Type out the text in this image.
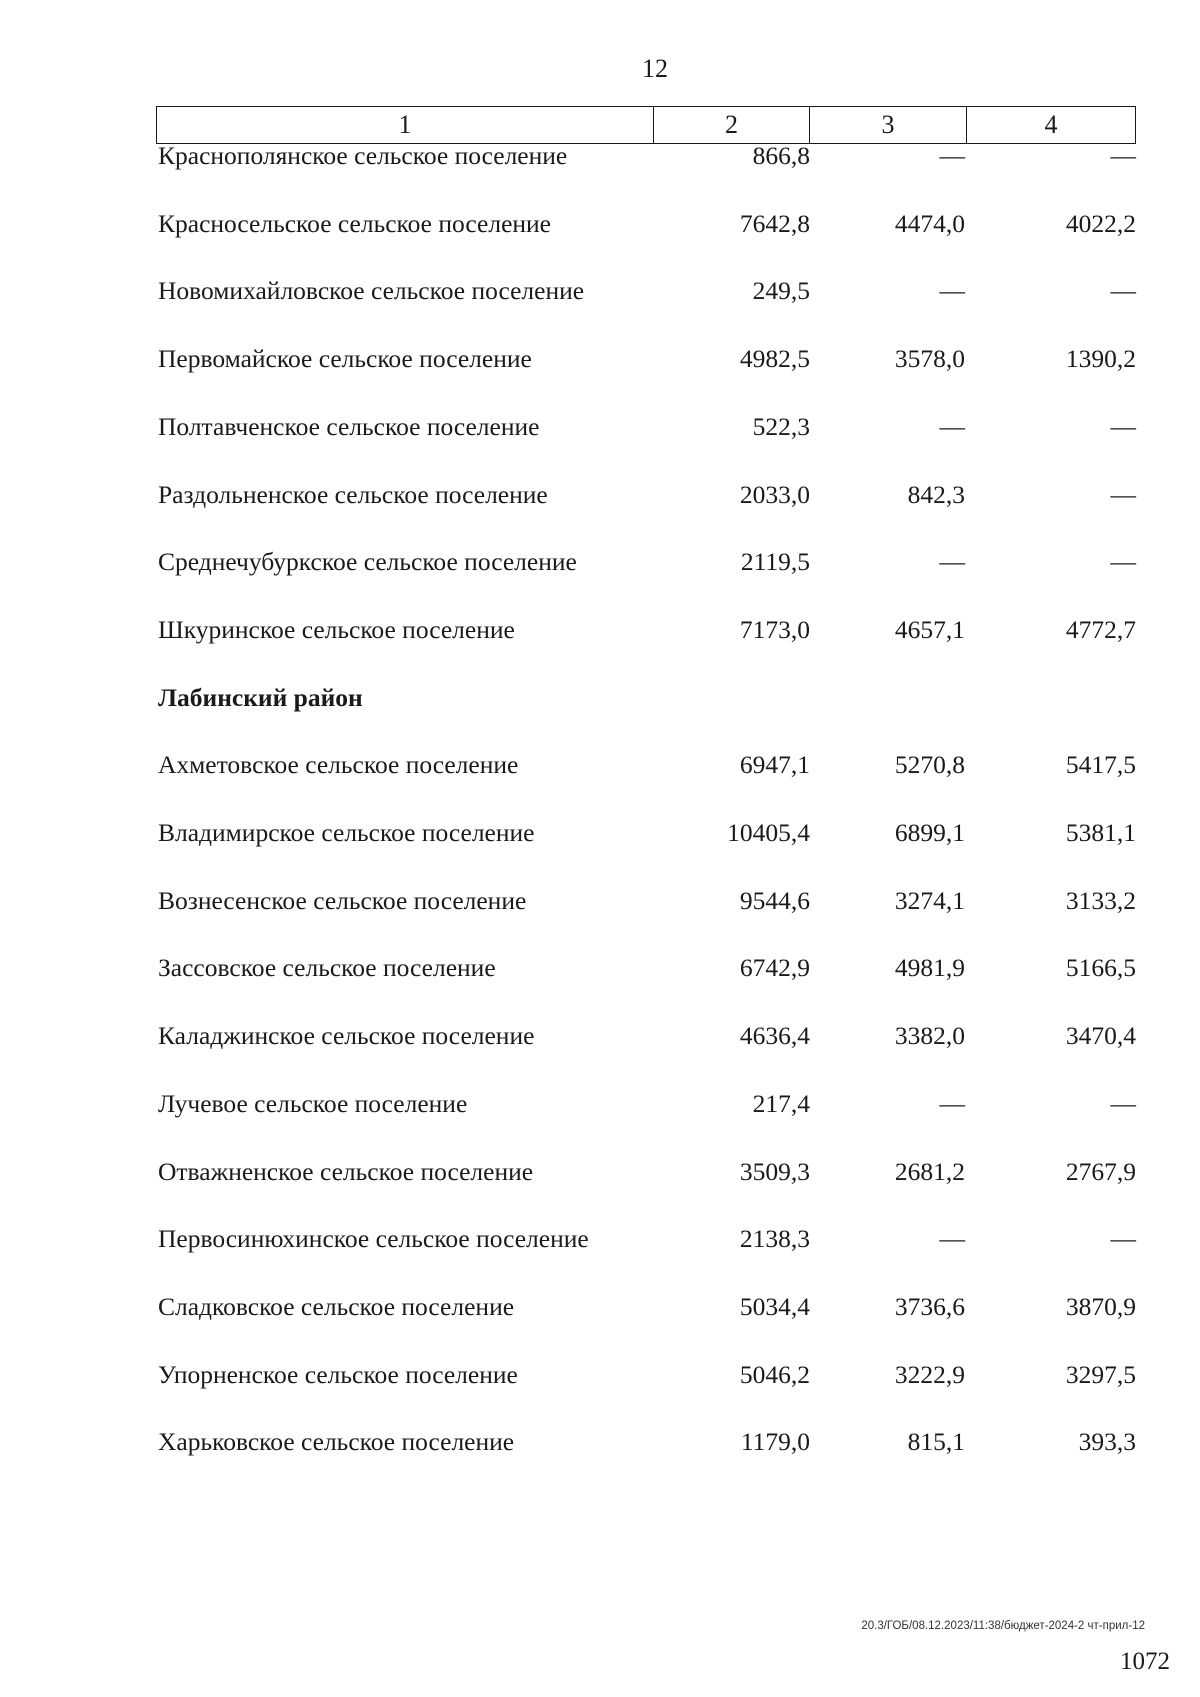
12
1	2	3	4
Краснополянское сельское поселение	866,8	—	—
Красносельское сельское поселение	7642,8	4474,0	4022,2
Новомихайловское сельское поселение	249,5	—	—
Первомайское сельское поселение	4982,5	3578,0	1390,2
Полтавченское сельское поселение	522,3	—	—
Раздольненское сельское поселение	2033,0	842,3	—
Среднечубуркское сельское поселение	2119,5	—	—
Шкуринское сельское поселение	7173,0	4657,1	4772,7
Лабинский район
Ахметовское сельское поселение	6947,1	5270,8	5417,5
Владимирское сельское поселение	10405,4	6899,1	5381,1
Вознесенское сельское поселение	9544,6	3274,1	3133,2
Зассовское сельское поселение	6742,9	4981,9	5166,5
Каладжинское сельское поселение	4636,4	3382,0	3470,4
Лучевое сельское поселение	217,4	—	—
Отважненское сельское поселение	3509,3	2681,2	2767,9
Первосинюхинское сельское поселение	2138,3	—	—
Сладковское сельское поселение	5034,4	3736,6	3870,9
Упорненское сельское поселение	5046,2	3222,9	3297,5
Харьковское сельское поселение	1179,0	815,1	393,3
20.3/ГОБ/08.12.2023/11:38/бюджет-2024-2 чт-прил-12
1072
